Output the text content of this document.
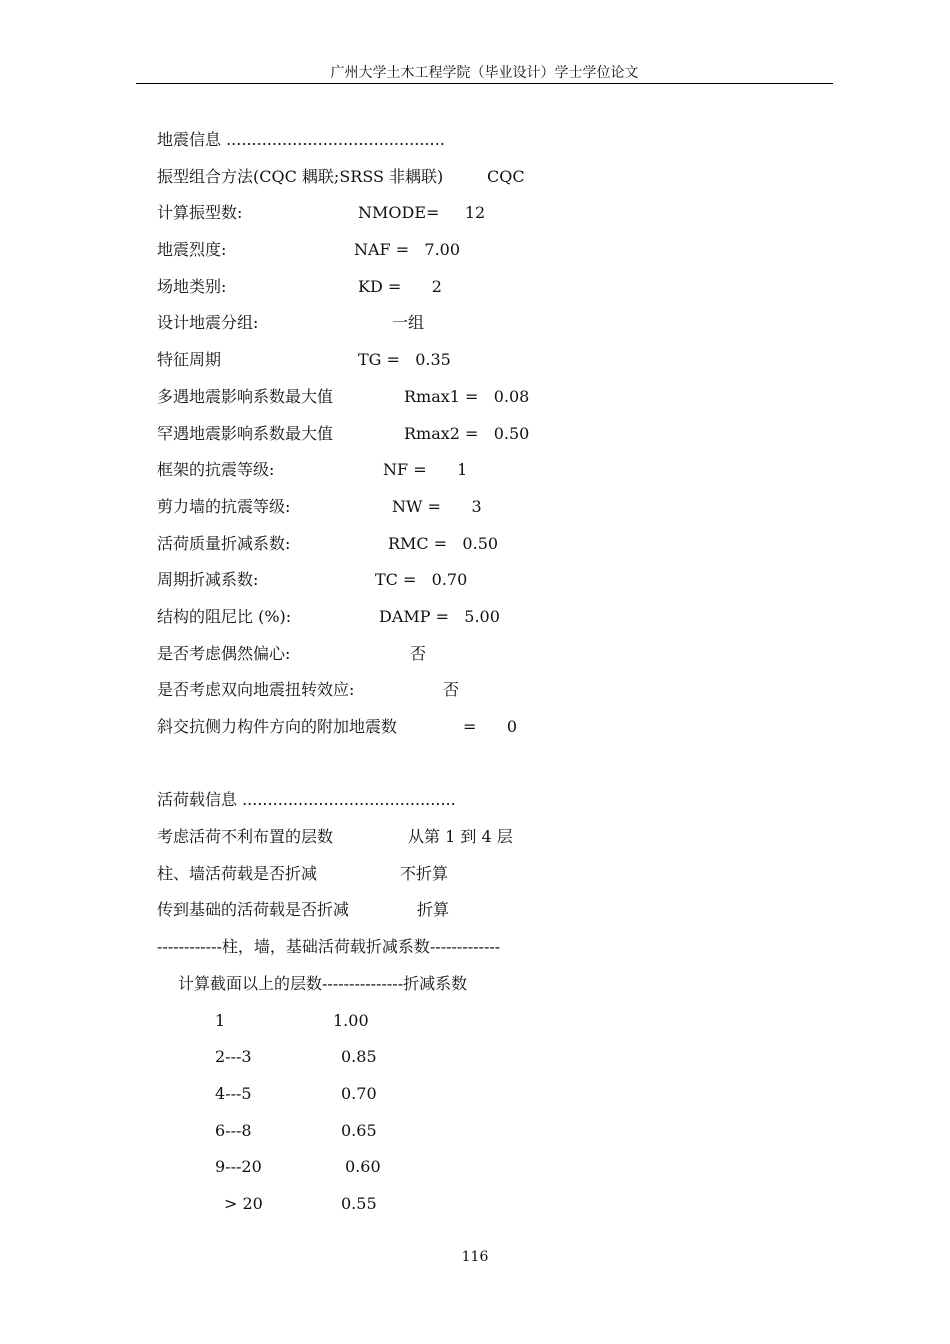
广州大学土木工程学院（毕业设计）学士学位论文
地震信息 ...........................................
振型组合方法(CQC 耦联;SRSS 非耦联)	CQC
计算振型数:	NMODE=     12
地震烈度:	NAF =   7.00
场地类别:	KD =      2
设计地震分组:	一组
特征周期	TG =   0.35
多遇地震影响系数最大值	Rmax1 =   0.08
罕遇地震影响系数最大值	Rmax2 =   0.50
框架的抗震等级:	NF =      1
剪力墙的抗震等级:	NW =      3
活荷质量折减系数:	RMC =   0.50
周期折减系数:	TC =   0.70
结构的阻尼比 (%):	DAMP =   5.00
是否考虑偶然偏心:	否
是否考虑双向地震扭转效应:	否
斜交抗侧力构件方向的附加地震数	=      0
活荷载信息 ..........................................
考虑活荷不利布置的层数	从第 1 到 4 层
柱、墙活荷载是否折减	不折算
传到基础的活荷载是否折减	折算
------------柱，墙，基础活荷载折减系数-------------
计算截面以上的层数---------------折减系数
1	1.00
2---3	0.85
4---5	0.70
6---8	0.65
9---20	0.60
> 20	0.55
116
